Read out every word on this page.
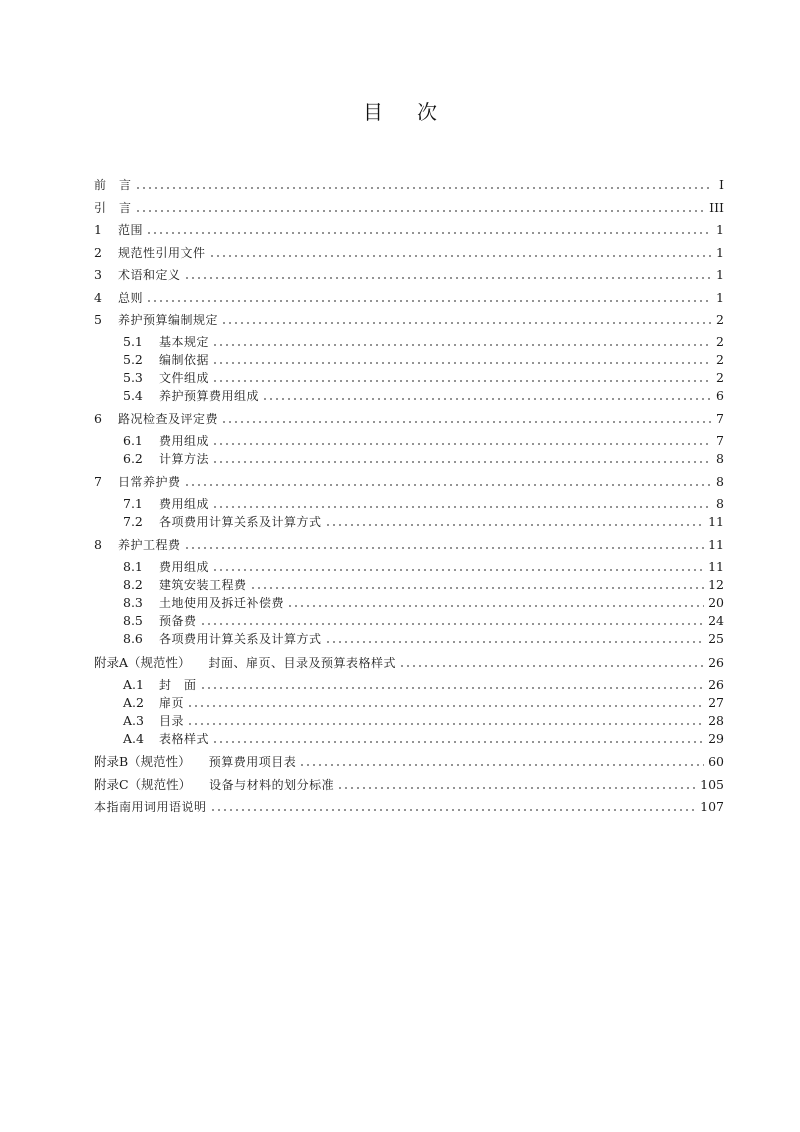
目 次
前　言	I
引　言	III
1	范围	1
2	规范性引用文件	1
3	术语和定义	1
4	总则	1
5	养护预算编制规定	2
5.1	基本规定	2
5.2	编制依据	2
5.3	文件组成	2
5.4	养护预算费用组成	6
6	路况检查及评定费	7
6.1	费用组成	7
6.2	计算方法	8
7	日常养护费	8
7.1	费用组成	8
7.2	各项费用计算关系及计算方式	11
8	养护工程费	11
8.1	费用组成	11
8.2	建筑安装工程费	12
8.3	土地使用及拆迁补偿费	20
8.5	预备费	24
8.6	各项费用计算关系及计算方式	25
附录A（规范性） 封面、扉页、目录及预算表格样式	26
A.1	封　面	26
A.2	扉页	27
A.3	目录	28
A.4	表格样式	29
附录B（规范性） 预算费用项目表	60
附录C（规范性） 设备与材料的划分标准	105
本指南用词用语说明	107
